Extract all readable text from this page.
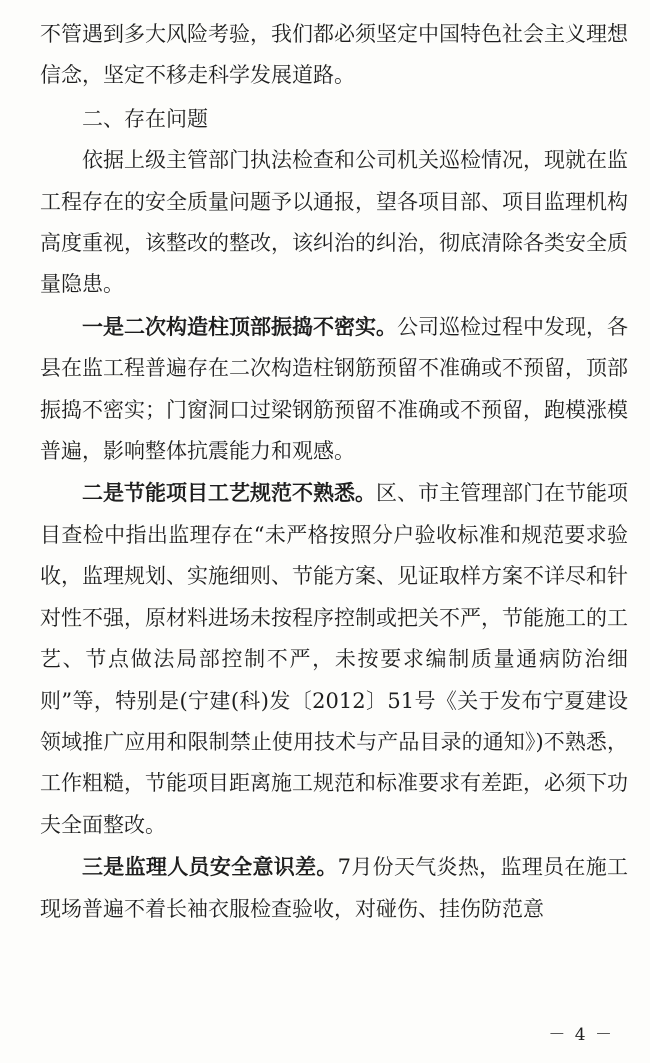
不管遇到多大风险考验，我们都必须坚定中国特色社会主义理想信念，坚定不移走科学发展道路。

二、存在问题

依据上级主管部门执法检查和公司机关巡检情况，现就在监工程存在的安全质量问题予以通报，望各项目部、项目监理机构高度重视，该整改的整改，该纠治的纠治，彻底清除各类安全质量隐患。

一是二次构造柱顶部振捣不密实。公司巡检过程中发现，各县在监工程普遍存在二次构造柱钢筋预留不准确或不预留，顶部振捣不密实；门窗洞口过梁钢筋预留不准确或不预留，跑模涨模普遍，影响整体抗震能力和观感。

二是节能项目工艺规范不熟悉。区、市主管理部门在节能项目查检中指出监理存在“未严格按照分户验收标准和规范要求验收，监理规划、实施细则、节能方案、见证取样方案不详尽和针对性不强，原材料进场未按程序控制或把关不严，节能施工的工艺、节点做法局部控制不严，未按要求编制质量通病防治细则”等，特别是(宁建(科)发〔2012〕51号《关于发布宁夏建设领域推广应用和限制禁止使用技术与产品目录的通知》)不熟悉，工作粗糙，节能项目距离施工规范和标准要求有差距，必须下功夫全面整改。

三是监理人员安全意识差。7月份天气炎热，监理员在施工现场普遍不着长袖衣服检查验收，对碰伤、挂伤防范意

－ 4 －
